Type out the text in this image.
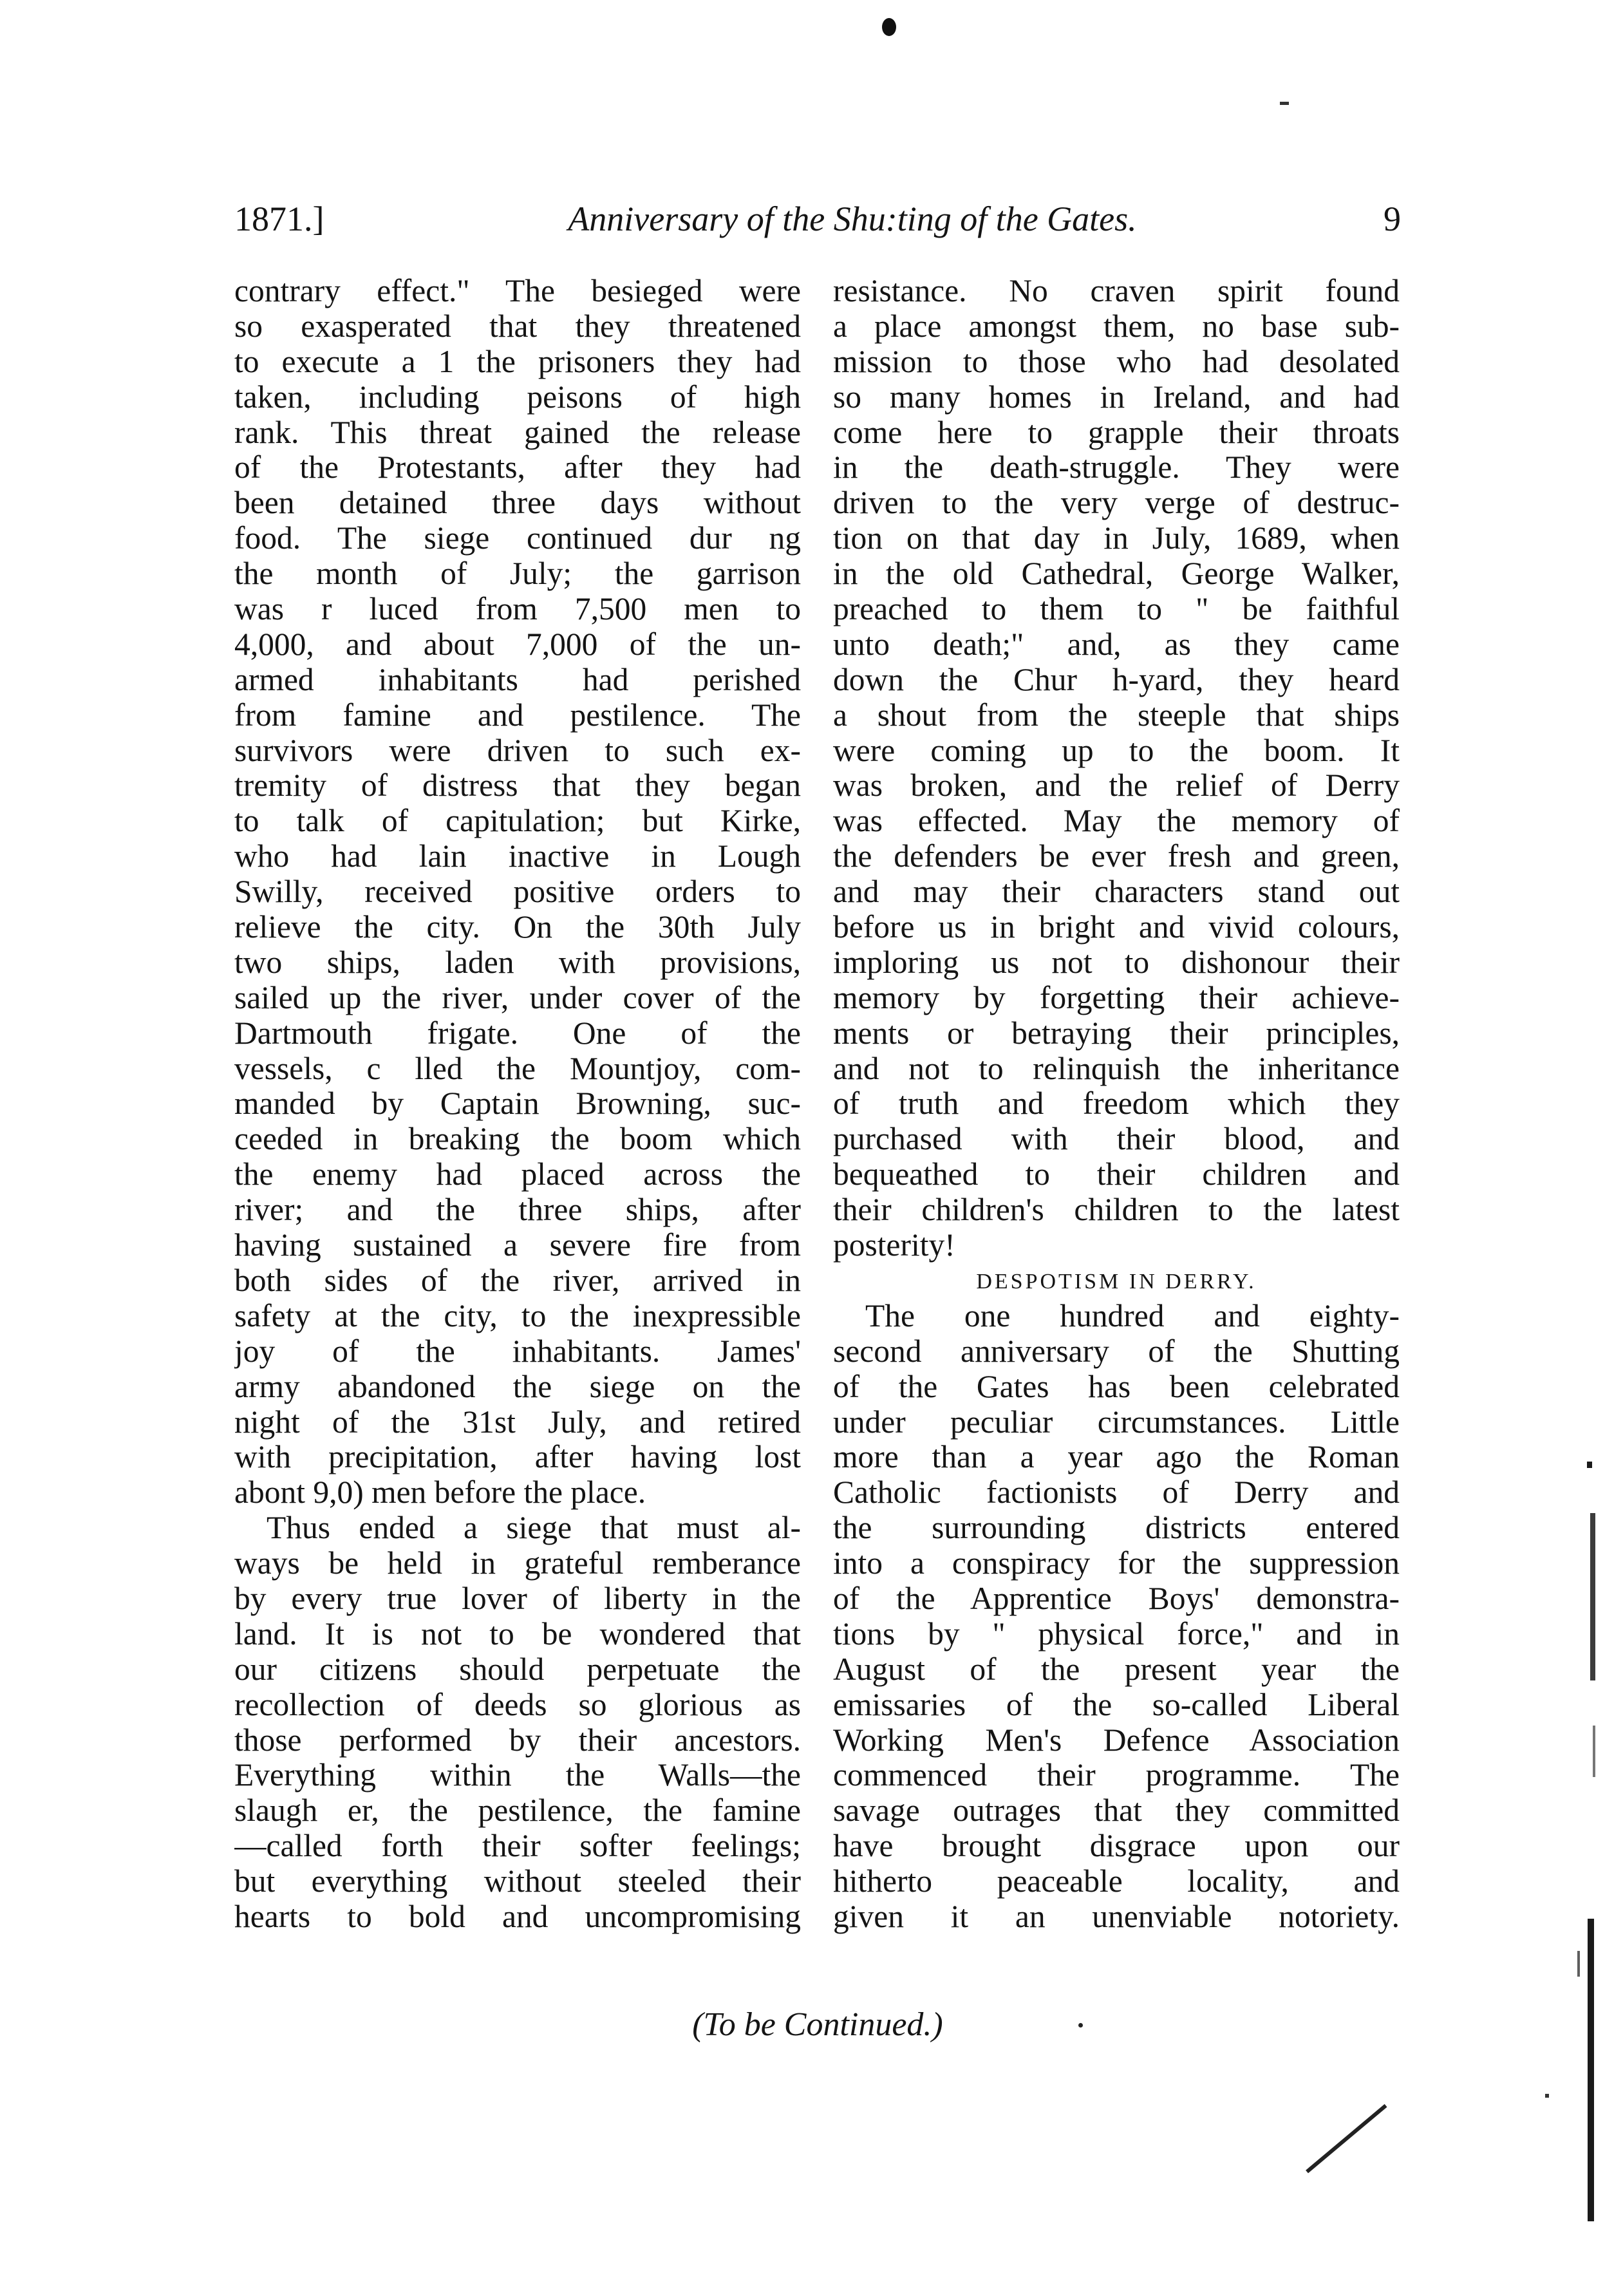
1871.]	Anniversary of the Shu:ting of the Gates.	9
contrary effect." The besieged were
so exasperated that they threatened
to execute a 1 the prisoners they had
taken, including peisons of high
rank. This threat gained the release
of the Protestants, after they had
been detained three days without
food. The siege continued dur ng
the month of July; the garrison
was r luced from 7,500 men to
4,000, and about 7,000 of the un-
armed inhabitants had perished
from famine and pestilence. The
survivors were driven to such ex-
tremity of distress that they began
to talk of capitulation; but Kirke,
who had lain inactive in Lough
Swilly, received positive orders to
relieve the city. On the 30th July
two ships, laden with provisions,
sailed up the river, under cover of the
Dartmouth frigate. One of the
vessels, c lled the Mountjoy, com-
manded by Captain Browning, suc-
ceeded in breaking the boom which
the enemy had placed across the
river; and the three ships, after
having sustained a severe fire from
both sides of the river, arrived in
safety at the city, to the inexpressible
joy of the inhabitants. James'
army abandoned the siege on the
night of the 31st July, and retired
with precipitation, after having lost
abont 9,0) men before the place.
Thus ended a siege that must al-
ways be held in grateful remberance
by every true lover of liberty in the
land. It is not to be wondered that
our citizens should perpetuate the
recollection of deeds so glorious as
those performed by their ancestors.
Everything within the Walls—the
slaugh er, the pestilence, the famine
—called forth their softer feelings;
but everything without steeled their
hearts to bold and uncompromising
resistance. No craven spirit found
a place amongst them, no base sub-
mission to those who had desolated
so many homes in Ireland, and had
come here to grapple their throats
in the death-struggle. They were
driven to the very verge of destruc-
tion on that day in July, 1689, when
in the old Cathedral, George Walker,
preached to them to " be faithful
unto death;" and, as they came
down the Chur h-yard, they heard
a shout from the steeple that ships
were coming up to the boom. It
was broken, and the relief of Derry
was effected. May the memory of
the defenders be ever fresh and green,
and may their characters stand out
before us in bright and vivid colours,
imploring us not to dishonour their
memory by forgetting their achieve-
ments or betraying their principles,
and not to relinquish the inheritance
of truth and freedom which they
purchased with their blood, and
bequeathed to their children and
their children's children to the latest
posterity!
DESPOTISM IN DERRY.
The one hundred and eighty-
second anniversary of the Shutting
of the Gates has been celebrated
under peculiar circumstances. Little
more than a year ago the Roman
Catholic factionists of Derry and
the surrounding districts entered
into a conspiracy for the suppression
of the Apprentice Boys' demonstra-
tions by " physical force," and in
August of the present year the
emissaries of the so-called Liberal
Working Men's Defence Association
commenced their programme. The
savage outrages that they committed
have brought disgrace upon our
hitherto peaceable locality, and
given it an unenviable notoriety.
(To be Continued.)
